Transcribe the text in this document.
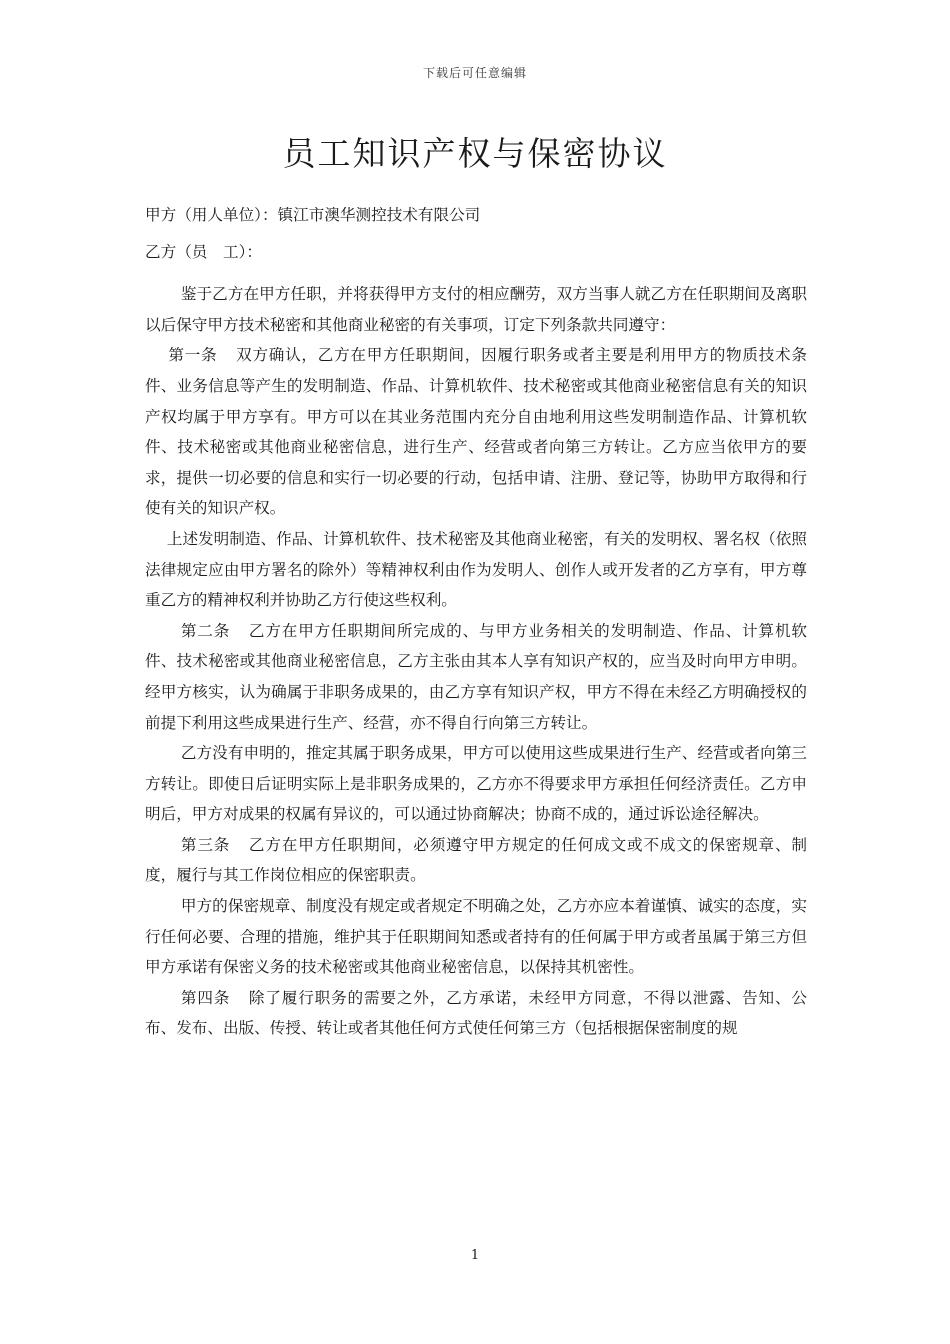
下载后可任意编辑
员工知识产权与保密协议

甲方（用人单位）：镇江市澳华测控技术有限公司

乙方（员　工）：

鉴于乙方在甲方任职，并将获得甲方支付的相应酬劳，双方当事人就乙方在任职期间及离职以后保守甲方技术秘密和其他商业秘密的有关事项，订定下列条款共同遵守：

第一条 双方确认，乙方在甲方任职期间，因履行职务或者主要是利用甲方的物质技术条件、业务信息等产生的发明制造、作品、计算机软件、技术秘密或其他商业秘密信息有关的知识产权均属于甲方享有。甲方可以在其业务范围内充分自由地利用这些发明制造作品、计算机软件、技术秘密或其他商业秘密信息，进行生产、经营或者向第三方转让。乙方应当依甲方的要求，提供一切必要的信息和实行一切必要的行动，包括申请、注册、登记等，协助甲方取得和行使有关的知识产权。

上述发明制造、作品、计算机软件、技术秘密及其他商业秘密，有关的发明权、署名权（依照法律规定应由甲方署名的除外）等精神权利由作为发明人、创作人或开发者的乙方享有，甲方尊重乙方的精神权利并协助乙方行使这些权利。

第二条 乙方在甲方任职期间所完成的、与甲方业务相关的发明制造、作品、计算机软件、技术秘密或其他商业秘密信息，乙方主张由其本人享有知识产权的，应当及时向甲方申明。经甲方核实，认为确属于非职务成果的，由乙方享有知识产权，甲方不得在未经乙方明确授权的前提下利用这些成果进行生产、经营，亦不得自行向第三方转让。

乙方没有申明的，推定其属于职务成果，甲方可以使用这些成果进行生产、经营或者向第三方转让。即使日后证明实际上是非职务成果的，乙方亦不得要求甲方承担任何经济责任。乙方申明后，甲方对成果的权属有异议的，可以通过协商解决；协商不成的，通过诉讼途径解决。

第三条 乙方在甲方任职期间，必须遵守甲方规定的任何成文或不成文的保密规章、制度，履行与其工作岗位相应的保密职责。

甲方的保密规章、制度没有规定或者规定不明确之处，乙方亦应本着谨慎、诚实的态度，实行任何必要、合理的措施，维护其于任职期间知悉或者持有的任何属于甲方或者虽属于第三方但甲方承诺有保密义务的技术秘密或其他商业秘密信息，以保持其机密性。

第四条 除了履行职务的需要之外，乙方承诺，未经甲方同意，不得以泄露、告知、公布、发布、出版、传授、转让或者其他任何方式使任何第三方（包括根据保密制度的规

1
